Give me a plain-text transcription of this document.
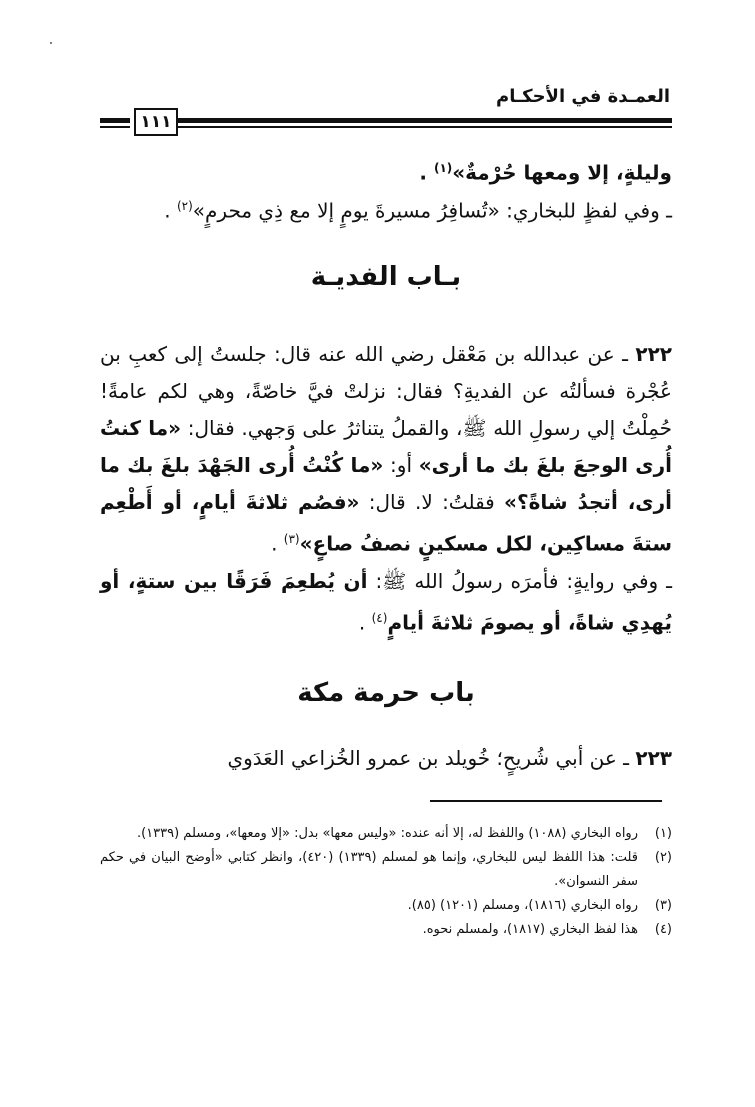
العمـدة في الأحكـام
١١١
وليلةٍ، إلا ومعها حُرْمةٌ»$^{(١)}$ .
ـ وفي لفظٍ للبخاري: «تُسافِرُ مسيرةَ يومٍ إلا مع ذِي محرمٍ»$^{(٢)}$ .
بـاب الفديـة
٢٢٢ ـ عن عبدالله بن مَعْقل رضي الله عنه قال: جلستُ إلى كعبِ بن عُجْرة فسألتُه عن الفديةِ؟ فقال: نزلتْ فيَّ خاصّةً، وهي لكم عامةً! حُمِلْتُ إلي رسولِ الله ﷺ، والقملُ يتناثرُ على وَجهي. فقال: «ما كنتُ أُرى الوجعَ بلغَ بك ما أرى» أو: «ما كُنْتُ أُرى الجَهْدَ بلغَ بك ما أرى، أتجدُ شاةً؟» فقلتُ: لا. قال: «فصُم ثلاثةَ أيامٍ، أو أَطْعِم ستةَ مساكِين، لكل مسكينٍ نصفُ صاعٍ»$^{(٣)}$ .
ـ وفي روايةٍ: فأمرَه رسولُ الله ﷺ: أن يُطعِمَ فَرَقًا بين ستةٍ، أو يُهدِي شاةً، أو يصومَ ثلاثةَ أيامٍ$^{(٤)}$ .
باب حرمة مكة
٢٢٣ ـ عن أبي شُريحٍ؛ خُويلد بن عمرو الخُزاعي العَدَوي
(١)
رواه البخاري (١٠٨٨) واللفظ له، إلا أنه عنده: «وليس معها» بدل: «إلا ومعها»، ومسلم (١٣٣٩).
(٢)
قلت: هذا اللفظ ليس للبخاري، وإنما هو لمسلم (١٣٣٩) (٤٢٠)، وانظر كتابي «أوضح البيان في حكم سفر النسوان».
(٣)
رواه البخاري (١٨١٦)، ومسلم (١٢٠١) (٨٥).
(٤)
هذا لفظ البخاري (١٨١٧)، ولمسلم نحوه.
